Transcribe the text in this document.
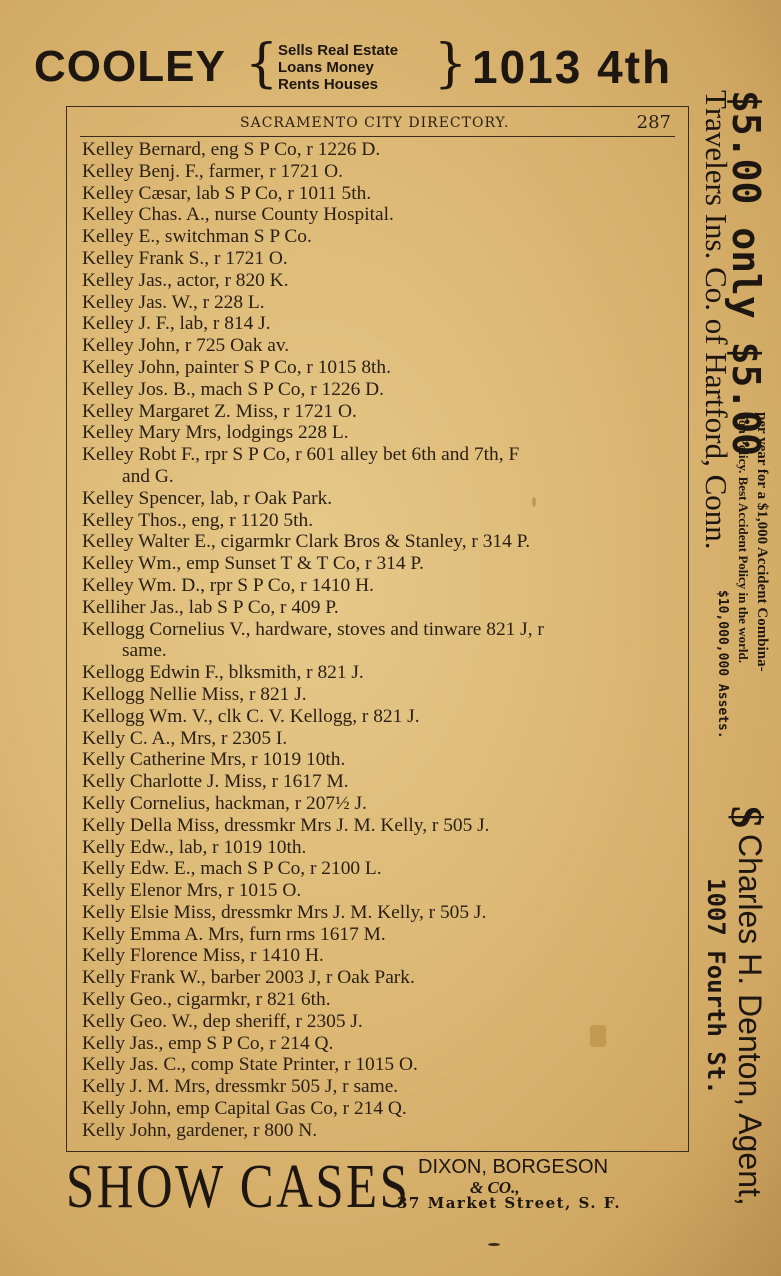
COOLEY { Sells Real Estate
Loans Money
Rents Houses	} 1013 4th
SACRAMENTO CITY DIRECTORY.	287
Kelley Bernard, eng S P Co, r 1226 D.
Kelley Benj. F., farmer, r 1721 O.
Kelley Cæsar, lab S P Co, r 1011 5th.
Kelley Chas. A., nurse County Hospital.
Kelley E., switchman S P Co.
Kelley Frank S., r 1721 O.
Kelley Jas., actor, r 820 K.
Kelley Jas. W., r 228 L.
Kelley J. F., lab, r 814 J.
Kelley John, r 725 Oak av.
Kelley John, painter S P Co, r 1015 8th.
Kelley Jos. B., mach S P Co, r 1226 D.
Kelley Margaret Z. Miss, r 1721 O.
Kelley Mary Mrs, lodgings 228 L.
Kelley Robt F., rpr S P Co, r 601 alley bet 6th and 7th, F
and G.
Kelley Spencer, lab, r Oak Park.
Kelley Thos., eng, r 1120 5th.
Kelley Walter E., cigarmkr Clark Bros & Stanley, r 314 P.
Kelley Wm., emp Sunset T & T Co, r 314 P.
Kelley Wm. D., rpr S P Co, r 1410 H.
Kelliher Jas., lab S P Co, r 409 P.
Kellogg Cornelius V., hardware, stoves and tinware 821 J, r
same.
Kellogg Edwin F., blksmith, r 821 J.
Kellogg Nellie Miss, r 821 J.
Kellogg Wm. V., clk C. V. Kellogg, r 821 J.
Kelly C. A., Mrs, r 2305 I.
Kelly Catherine Mrs, r 1019 10th.
Kelly Charlotte J. Miss, r 1617 M.
Kelly Cornelius, hackman, r 207½ J.
Kelly Della Miss, dressmkr Mrs J. M. Kelly, r 505 J.
Kelly Edw., lab, r 1019 10th.
Kelly Edw. E., mach S P Co, r 2100 L.
Kelly Elenor Mrs, r 1015 O.
Kelly Elsie Miss, dressmkr Mrs J. M. Kelly, r 505 J.
Kelly Emma A. Mrs, furn rms 1617 M.
Kelly Florence Miss, r 1410 H.
Kelly Frank W., barber 2003 J, r Oak Park.
Kelly Geo., cigarmkr, r 821 6th.
Kelly Geo. W., dep sheriff, r 2305 J.
Kelly Jas., emp S P Co, r 214 Q.
Kelly Jas. C., comp State Printer, r 1015 O.
Kelly J. M. Mrs, dressmkr 505 J, r same.
Kelly John, emp Capital Gas Co, r 214 Q.
Kelly John, gardener, r 800 N.
SHOW CASES DIXON, BORGESON
& CO.,
37 Market Street, S. F.
$5.00 only $5.00
Travelers Ins. Co. of Hartford, Conn. per year for a $1,000 Accident Combina-
tion Policy. Best Accident Policy in the world.
$10,000,000 Assets.
$
Charles H. Denton, Agent,
1007 Fourth St.
